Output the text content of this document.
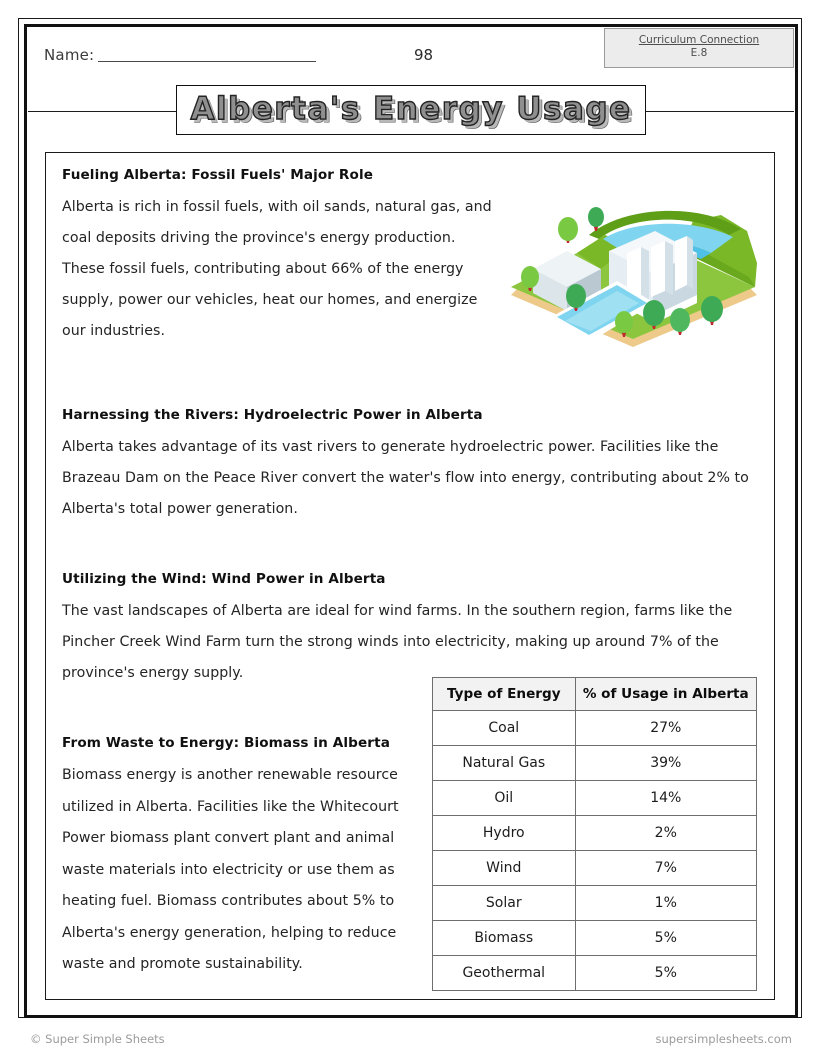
Name:	98
Curriculum Connection
E.8
Alberta's Energy Usage
Fueling Alberta: Fossil Fuels' Major Role

Alberta is rich in fossil fuels, with oil sands, natural gas, and coal deposits driving the province's energy production. These fossil fuels, contributing about 66% of the energy supply, power our vehicles, heat our homes, and energize our industries.

Harnessing the Rivers: Hydroelectric Power in Alberta

Alberta takes advantage of its vast rivers to generate hydroelectric power. Facilities like the Brazeau Dam on the Peace River convert the water's flow into energy, contributing about 2% to Alberta's total power generation.

Utilizing the Wind: Wind Power in Alberta

The vast landscapes of Alberta are ideal for wind farms. In the southern region, farms like the Pincher Creek Wind Farm turn the strong winds into electricity, making up around 7% of the province's energy supply.

From Waste to Energy: Biomass in Alberta

Biomass energy is another renewable resource utilized in Alberta. Facilities like the Whitecourt Power biomass plant convert plant and animal waste materials into electricity or use them as heating fuel. Biomass contributes about 5% to Alberta's energy generation, helping to reduce waste and promote sustainability.

Type of Energy	% of Usage in Alberta
Coal	27%
Natural Gas	39%
Oil	14%
Hydro	2%
Wind	7%
Solar	1%
Biomass	5%
Geothermal	5%
© Super Simple Sheets	supersimplesheets.com
